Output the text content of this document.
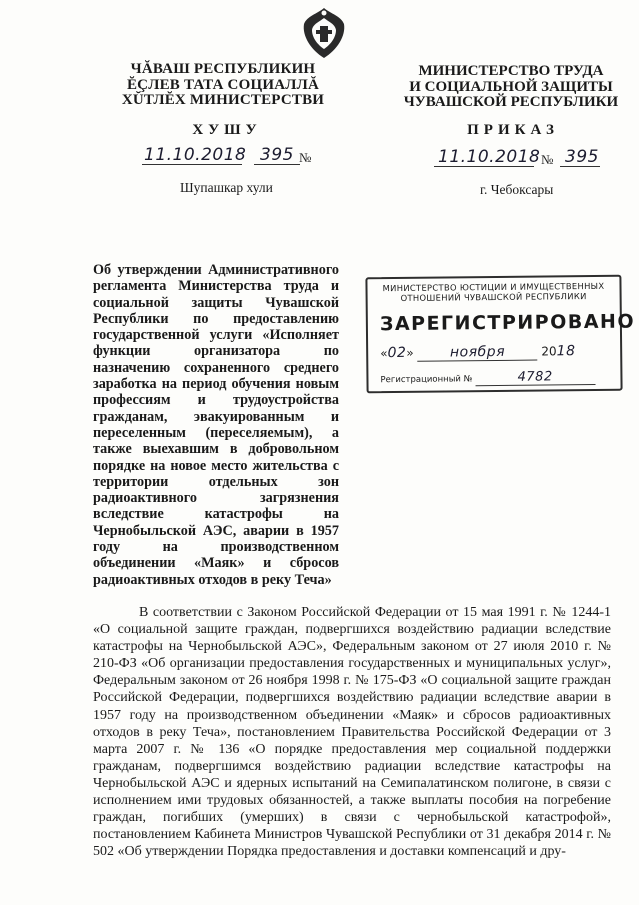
ЧĂВАШ РЕСПУБЛИКИН
ĔÇЛЕВ ТАТА СОЦИАЛЛĂ
ХŬТЛĔХ МИНИСТЕРСТВИ
ХУШУ
11.10.2018 395 №
Шупашкар хули
МИНИСТЕРСТВО ТРУДА
И СОЦИАЛЬНОЙ ЗАЩИТЫ
ЧУВАШСКОЙ РЕСПУБЛИКИ
ПРИКАЗ
11.10.2018 № 395
г. Чебоксары
Об утверждении Административного регламента Министерства труда и социальной защиты Чувашской Республики по предоставлению государственной услуги «Исполняет функции организатора по назначению сохраненного среднего заработка на период обучения новым профессиям и трудоустройства гражданам, эвакуированным и переселенным (переселяемым), а также выехавшим в добровольном порядке на новое место жительства с территории отдельных зон радиоактивного загрязнения вследствие катастрофы на Чернобыльской АЭС, аварии в 1957 году на производственном объединении «Маяк» и сбросов радиоактивных отходов в реку Теча»
МИНИСТЕРСТВО ЮСТИЦИИ И ИМУЩЕСТВЕННЫХ
ОТНОШЕНИЙ ЧУВАШСКОЙ РЕСПУБЛИКИ
ЗАРЕГИСТРИРОВАНО
«02»	ноября	2018
Регистрационный №	4782

В соответствии с Законом Российской Федерации от 15 мая 1991 г. № 1244-1 «О социальной защите граждан, подвергшихся воздействию радиации вследствие катастрофы на Чернобыльской АЭС», Федеральным законом от 27 июля 2010 г. № 210-ФЗ «Об организации предоставления государственных и муниципальных услуг», Федеральным законом от 26 ноября 1998 г. № 175-ФЗ «О социальной защите граждан Российской Федерации, подвергшихся воздействию радиации вследствие аварии в 1957 году на производственном объединении «Маяк» и сбросов радиоактивных отходов в реку Теча», постановлением Правительства Российской Федерации от 3 марта 2007 г. № 136 «О порядке предоставления мер социальной поддержки гражданам, подвергшимся воздействию радиации вследствие катастрофы на Чернобыльской АЭС и ядерных испытаний на Семипалатинском полигоне, в связи с исполнением ими трудовых обязанностей, а также выплаты пособия на погребение граждан, погибших (умерших) в связи с чернобыльской катастрофой», постановлением Кабинета Министров Чувашской Республики от 31 декабря 2014 г. № 502 «Об утверждении Порядка предоставления и доставки компенсаций и дру-
